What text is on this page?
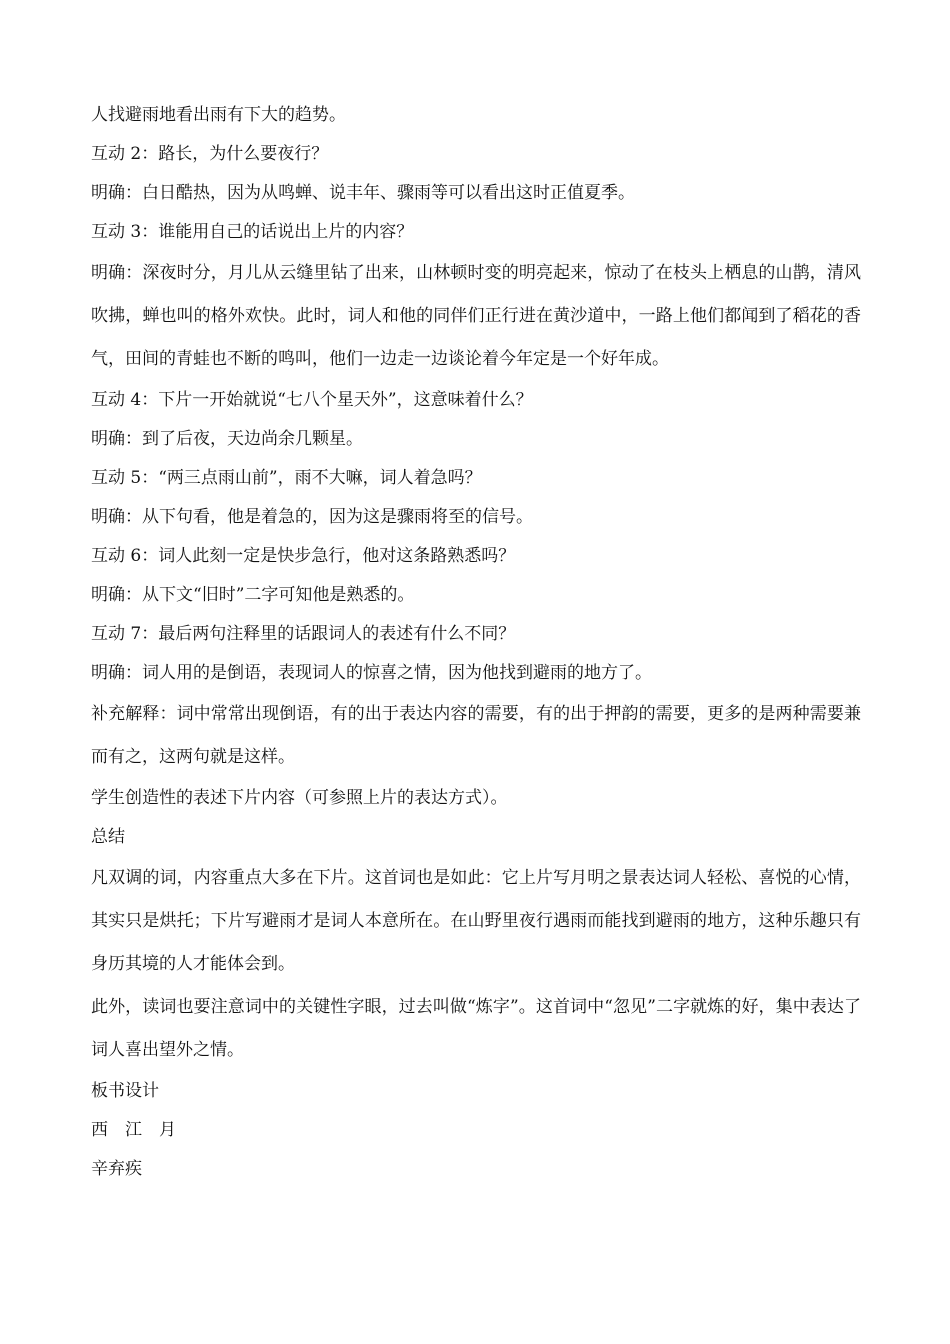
人找避雨地看出雨有下大的趋势。

互动 2：路长，为什么要夜行？

明确：白日酷热，因为从鸣蝉、说丰年、骤雨等可以看出这时正值夏季。

互动 3：谁能用自己的话说出上片的内容？

明确：深夜时分，月儿从云缝里钻了出来，山林顿时变的明亮起来，惊动了在枝头上栖息的山鹊，清风吹拂，蝉也叫的格外欢快。此时，词人和他的同伴们正行进在黄沙道中，一路上他们都闻到了稻花的香气，田间的青蛙也不断的鸣叫，他们一边走一边谈论着今年定是一个好年成。

互动 4：下片一开始就说“七八个星天外”，这意味着什么？

明确：到了后夜，天边尚余几颗星。

互动 5：“两三点雨山前”，雨不大嘛，词人着急吗？

明确：从下句看，他是着急的，因为这是骤雨将至的信号。

互动 6：词人此刻一定是快步急行，他对这条路熟悉吗？

明确：从下文“旧时”二字可知他是熟悉的。

互动 7：最后两句注释里的话跟词人的表述有什么不同？

明确：词人用的是倒语，表现词人的惊喜之情，因为他找到避雨的地方了。

补充解释：词中常常出现倒语，有的出于表达内容的需要，有的出于押韵的需要，更多的是两种需要兼而有之，这两句就是这样。

学生创造性的表述下片内容（可参照上片的表达方式）。

总结

凡双调的词，内容重点大多在下片。这首词也是如此：它上片写月明之景表达词人轻松、喜悦的心情，其实只是烘托；下片写避雨才是词人本意所在。在山野里夜行遇雨而能找到避雨的地方，这种乐趣只有身历其境的人才能体会到。

此外，读词也要注意词中的关键性字眼，过去叫做“炼字”。这首词中“忽见”二字就炼的好，集中表达了词人喜出望外之情。

板书设计

西　江　月

辛弃疾
